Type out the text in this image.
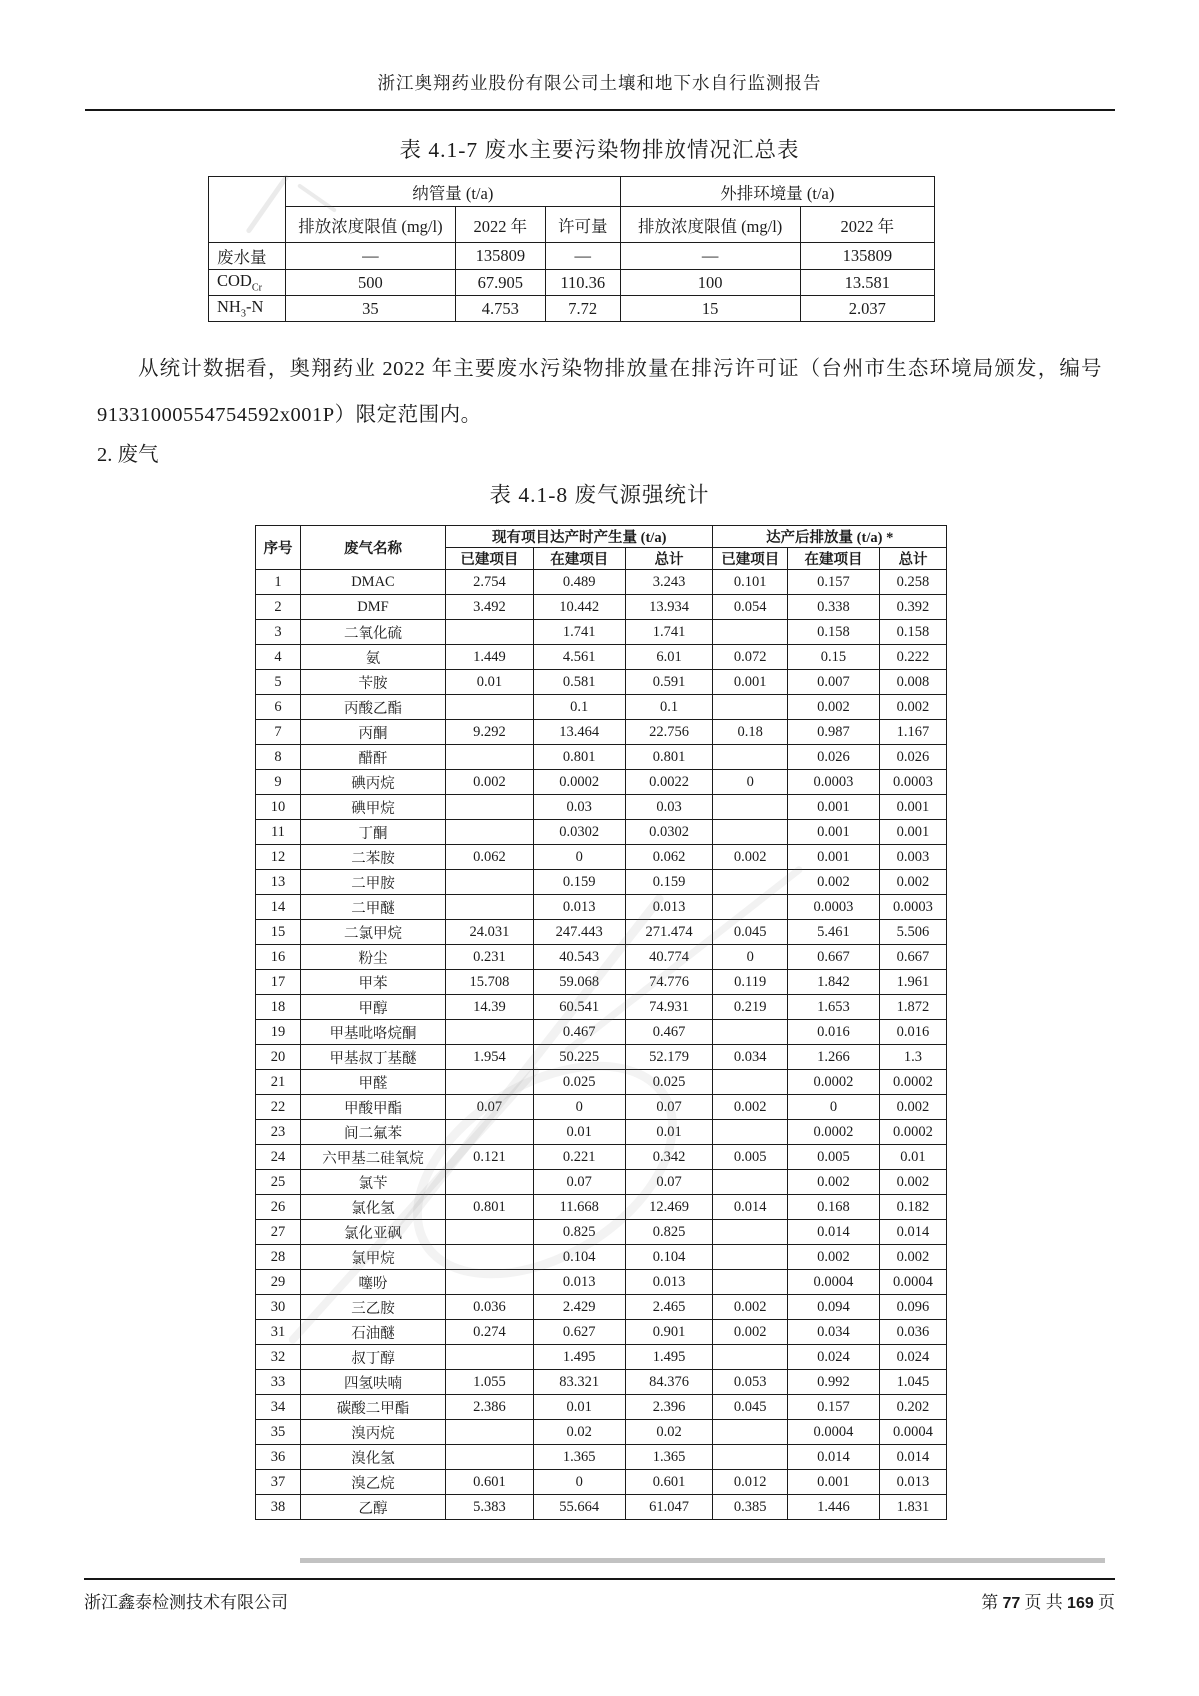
浙江奥翔药业股份有限公司土壤和地下水自行监测报告
表 4.1-7 废水主要污染物排放情况汇总表
	纳管量 (t/a)			外排环境量 (t/a)	
	排放浓度限值 (mg/l)	2022 年	许可量	排放浓度限值 (mg/l)	2022 年
废水量	—	135809	—	—	135809
$COD_{Cr}$	500	67.905	110.36	100	13.581
$NH_3-N$	35	4.753	7.72	15	2.037
从统计数据看，奥翔药业 2022 年主要废水污染物排放量在排污许可证（台州市生态环境局颁发，编号 91331000554754592x001P）限定范围内。
2. 废气
表 4.1-8 废气源强统计
序号	废气名称	现有项目达产时产生量 (t/a)			达产后排放量 (t/a) *		
		已建项目	在建项目	总计	已建项目	在建项目	总计
1	DMAC	2.754	0.489	3.243	0.101	0.157	0.258
2	DMF	3.492	10.442	13.934	0.054	0.338	0.392
3	二氧化硫		1.741	1.741		0.158	0.158
4	氨	1.449	4.561	6.01	0.072	0.15	0.222
5	苄胺	0.01	0.581	0.591	0.001	0.007	0.008
6	丙酸乙酯		0.1	0.1		0.002	0.002
7	丙酮	9.292	13.464	22.756	0.18	0.987	1.167
8	醋酐		0.801	0.801		0.026	0.026
9	碘丙烷	0.002	0.0002	0.0022	0	0.0003	0.0003
10	碘甲烷		0.03	0.03		0.001	0.001
11	丁酮		0.0302	0.0302		0.001	0.001
12	二苯胺	0.062	0	0.062	0.002	0.001	0.003
13	二甲胺		0.159	0.159		0.002	0.002
14	二甲醚		0.013	0.013		0.0003	0.0003
15	二氯甲烷	24.031	247.443	271.474	0.045	5.461	5.506
16	粉尘	0.231	40.543	40.774	0	0.667	0.667
17	甲苯	15.708	59.068	74.776	0.119	1.842	1.961
18	甲醇	14.39	60.541	74.931	0.219	1.653	1.872
19	甲基吡咯烷酮		0.467	0.467		0.016	0.016
20	甲基叔丁基醚	1.954	50.225	52.179	0.034	1.266	1.3
21	甲醛		0.025	0.025		0.0002	0.0002
22	甲酸甲酯	0.07	0	0.07	0.002	0	0.002
23	间二氟苯		0.01	0.01		0.0002	0.0002
24	六甲基二硅氧烷	0.121	0.221	0.342	0.005	0.005	0.01
25	氯苄		0.07	0.07		0.002	0.002
26	氯化氢	0.801	11.668	12.469	0.014	0.168	0.182
27	氯化亚砜		0.825	0.825		0.014	0.014
28	氯甲烷		0.104	0.104		0.002	0.002
29	噻吩		0.013	0.013		0.0004	0.0004
30	三乙胺	0.036	2.429	2.465	0.002	0.094	0.096
31	石油醚	0.274	0.627	0.901	0.002	0.034	0.036
32	叔丁醇		1.495	1.495		0.024	0.024
33	四氢呋喃	1.055	83.321	84.376	0.053	0.992	1.045
34	碳酸二甲酯	2.386	0.01	2.396	0.045	0.157	0.202
35	溴丙烷		0.02	0.02		0.0004	0.0004
36	溴化氢		1.365	1.365		0.014	0.014
37	溴乙烷	0.601	0	0.601	0.012	0.001	0.013
38	乙醇	5.383	55.664	61.047	0.385	1.446	1.831
浙江鑫泰检测技术有限公司	第 77 页 共 169 页
